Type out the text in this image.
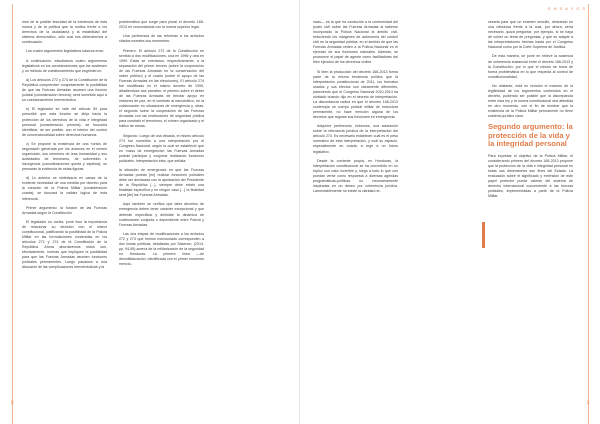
46	47
ENSAYOS

men de la posible lesividad de la existencia de esta norma y de la política que la motiva frente a los derechos de la ciudadanía y la estabilidad del sistema democrático, sólo cual nos detendremos a continuación.

Los cuatro argumentos legislativos básicos eran:

A continuación, estudiamos cuatro argumentos legislativos en los consideraciones que los sostienen y un método de cuestionamiento que esgrimieron:

a) Los artículos 272 y 274 de la Constitución de la República comprenden conjuntamente la posibilidad de que las Fuerzas Armadas asumen una función policial (consideración tercera); será sometido aquí a un cuestionamiento hermenéutico.

b) El legislador se vale del artículo 59 para prescribir que esta función se dirija hacia la protección de los derechos de la vida e integridad personal (consideración primera); se buscaría identificar, de ser posible, con el interior del control de convencionalidad sobre derechos humanos.

c) Se propone la existencia de una «crisis de seguridad» generada por los avances en el crimen organizado, sus crímenes de lesa humanidad y sus actividades de terrorismo, de subversión e insurgencia (consideraciones quinta y séptima); se pensarán la evidencia de estas figuras.

d) Lo anterior se sintetizaría en causa de la evidente necesidad de una medida por decreto para la creación de la Policía Militar (consideración cuarta); se buscará la validez lógica de esta inferencia.

Primer argumento: la función de las Fuerzas Armadas según la Constitución

El legislador no oculta, pone foco la importancia de relacionar su decisión con el marco constitucional, justificando la posibilidad de la Policía Militar en las formulaciones contenidas en los artículos 272 y 274 de la Constitución de la República. Ahora abordaremos estos son, efectivamente, normas que impliquen la posibilidad para que las Fuerzas Armadas asumen funciones policiales permanentes. Luego pasamos a una discusión de las complicaciones hermenéuticas y la

problemática que surge para plural el decreto 168-2013 en concordancia con la norma superior legal.

Una pertinencia de las reformas a los artículos citados muestra dos momentos:

Primero. El artículo 272 de la Constitución en sentido a dos modificaciones, una en 1996 y otra en 1999. Estas se orientaron, respectivamente, a la separación del primer tercero (sobre la cooperación de las Fuerzas Armadas en la conservación del orden público) y el cuarto (sobre el apoyo de las Fuerzas Armadas en las elecciones). El artículo 274 fue modificado en el mismo decreto de 1999, añadiéndose dos párrafos: el primero sobre el deber de las Fuerzas Armadas de brindar apoyo en misiones de paz, en el combate al narcotráfico, en la colaboración en situaciones de emergencia y, otras; el segundo sobre la cooperación de las Fuerzas Armadas con las instituciones de seguridad pública para combatir el terrorismo, el crimen organizado y el tráfico de armas.

Segundo. Luego de una década, el mismo artículo 274 fue sometido a una interpretación por el Congreso Nacional, según la cual se estableció que en «caso de emergencia» las Fuerzas Armadas podrán participar y cooperar realizando funciones policiales. Interpretación ésta, que señala:

la situación de emergencia en que las Fuerzas Armadas podrán [en] realizar funciones policiales debe ser declarada con la aprobación del Presidente de la República [...], siempre debe existir una finalidad específica y en ningún caso [...] la finalidad será [de] las Fuerzas Armadas.

Aquí también se verifica que tales decretos de emergencia deben tener carácter excepcional y que deberán especificar y delimitar la dinámica de colaboración conjunta o dependiente entre Policía y Fuerzas Armadas.

Las dos etapas de modificaciones a los artículos 272 y 274 que hemos mencionado corresponden a dos líneas políticas, detalladas por Salomón, (2014, pp. 94-95) acerca de la militarización de la seguridad en Honduras. La primera línea —de desmilitarización, identificada con el primer momento mencio-

nado— es la que ha conducido a la conformidad del poder civil sobre las Fuerzas Armadas al haberse incorporado la Policía Nacional al ámbito civil, reduciendo los márgenes de autonomía del control civil en la seguridad pública, en el sentido de que las Fuerzas Armadas ceden a la Policía Nacional en el ejercicio de sus funciones naturales. Además, se promueve el papel de agente como facilitadores del bien ejercicio de los derechos civiles.

Si bien la producción del decreto 168-2013 forma parte de la misma tendencia política que la interpretación constitucional de 2011, los formatos usados y sus efectos son claramente diferentes, pareciendo que el Congreso Nacional 2010-2014 ha olvidado cuando dijo en el decreto de interpretación. La discordancia radica en que el decreto 168-2013 contempla un cuerpo policial militar de estructura permanente, no hace mención alguna de los decretos que regulan sus funciones en emergencia.

Adquiere pertinencia, entonces, una aclaración sobre la relevancia jurídica de la interpretación del artículo 274. Es necesario establecer cuál es el peso normativo de esta interpretación, y cuál su espacio, especialmente en cuanto a regir a un futuro legislativo.

Desde la corriente propia, en Honduras, la interpretación constitucional se ha convertido en un tópico con valor increíble y, luego a todo lo que con puedan verse como respuesta a diversas agendas programáticas-políticas no necesariamente inspiradas en un deseo por coherencia jurídica. Lamentablemente no existe la claridad ne-

cesaria para que un examen sencillo, derivando en una nebulosa frente a la cual, por ahora, sería necesario, quizá preguntar, por ejemplo, si se haya de volver un tema de preguntas, y que se adapte a las interpretaciones hechas hasta por el Congreso Nacional como por la Corte Suprema de Justicia.

De esta manera, se pone en relieve la ausencia de coherencia sustancial entre el decreto 168-2013 y la Constitución, por lo que el mismo se torna de forma problemática en lo que respecta al control de constitucionalidad.

No obstante, está en revisión el examen de la legitimidad de los argumentos contenidos en el decreto, pudiendo ser posible que la discrepancia entre esta ley y la norma constitucional sea atendida en otro momento, con el fin de mostrar que la existencia de la Policía Militar permanente no tiene sustento jurídico claro.

Segundo argumento: la protección de la vida y la integridad personal

Para expresar el objetivo de la Policía Militar, el considerando primero del decreto 168-2013 propone que la protección de la vida e integridad personal en todas sus dimensiones son fines del Estado. La evaluación sobre el significado y extensión de este papel protector puede valerse del sistema de derecho internacional concerniente a las fuerzas policiales, implementadas a partir de la Policía Militar.
